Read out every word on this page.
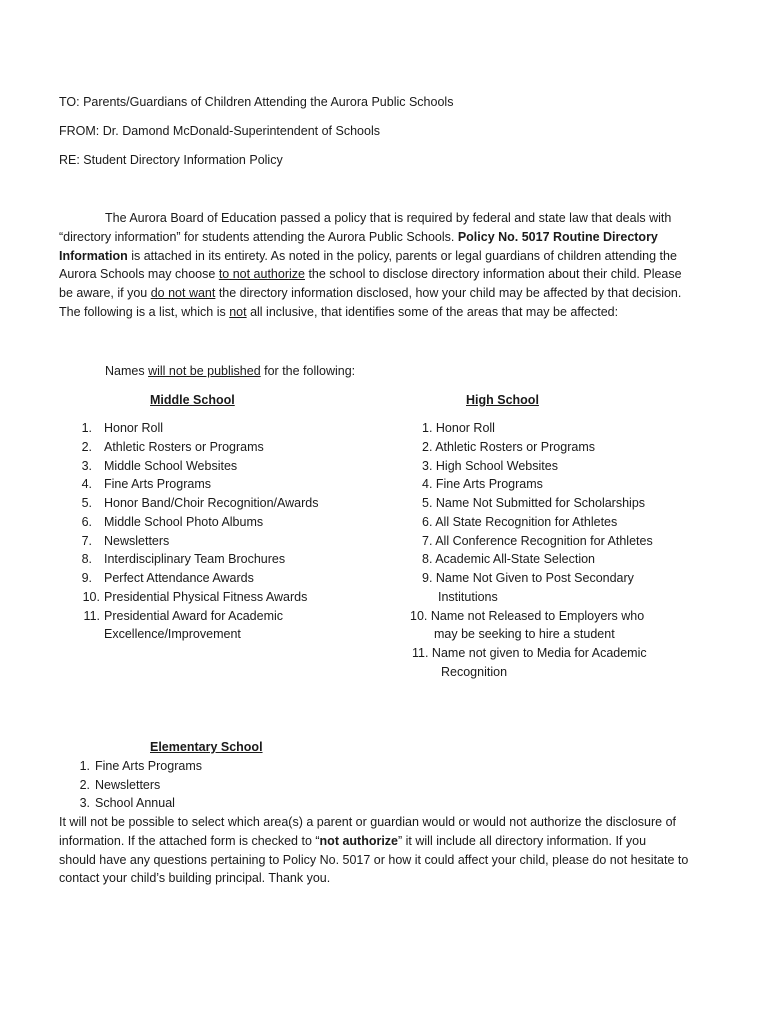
TO: Parents/Guardians of Children Attending the Aurora Public Schools
FROM: Dr. Damond McDonald-Superintendent of Schools
RE: Student Directory Information Policy
The Aurora Board of Education passed a policy that is required by federal and state law that deals with
“directory information” for students attending the Aurora Public Schools. Policy No. 5017 Routine Directory
Information is attached in its entirety. As noted in the policy, parents or legal guardians of children attending the
Aurora Schools may choose to not authorize the school to disclose directory information about their child. Please
be aware, if you do not want the directory information disclosed, how your child may be affected by that decision.
The following is a list, which is not all inclusive, that identifies some of the areas that may be affected:
Names will not be published for the following:
Middle School
1. Honor Roll
2. Athletic Rosters or Programs
3. Middle School Websites
4. Fine Arts Programs
5. Honor Band/Choir Recognition/Awards
6. Middle School Photo Albums
7. Newsletters
8. Interdisciplinary Team Brochures
9. Perfect Attendance Awards
10. Presidential Physical Fitness Awards
11. Presidential Award for Academic
Excellence/Improvement
High School
1. Honor Roll
2. Athletic Rosters or Programs
3. High School Websites
4. Fine Arts Programs
5. Name Not Submitted for Scholarships
6. All State Recognition for Athletes
7. All Conference Recognition for Athletes
8. Academic All-State Selection
9. Name Not Given to Post Secondary
Institutions
10. Name not Released to Employers who
may be seeking to hire a student
11. Name not given to Media for Academic
Recognition
Elementary School
1. Fine Arts Programs
2. Newsletters
3. School Annual
It will not be possible to select which area(s) a parent or guardian would or would not authorize the disclosure of
information. If the attached form is checked to “not authorize” it will include all directory information. If you
should have any questions pertaining to Policy No. 5017 or how it could affect your child, please do not hesitate to
contact your child’s building principal. Thank you.
